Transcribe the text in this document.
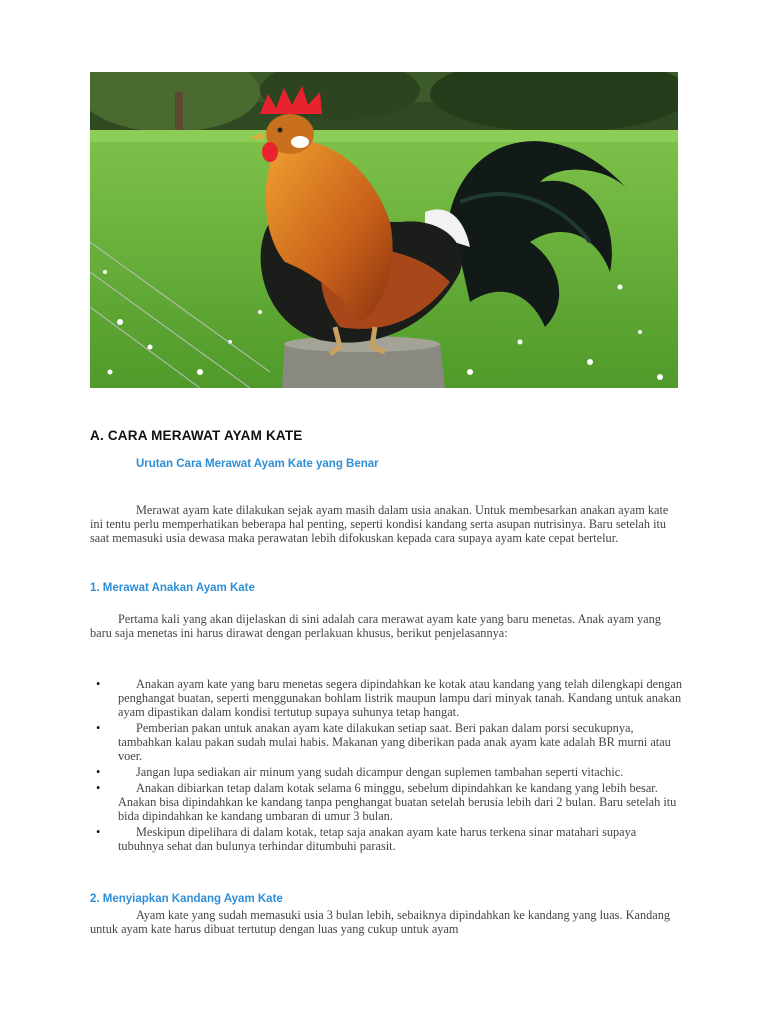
A. CARA MERAWAT AYAM KATE
Urutan Cara Merawat Ayam Kate yang Benar
Merawat ayam kate dilakukan sejak ayam masih dalam usia anakan. Untuk membesarkan anakan ayam kate ini tentu perlu memperhatikan beberapa hal penting, seperti kondisi kandang serta asupan nutrisinya. Baru setelah itu saat memasuki usia dewasa maka perawatan lebih difokuskan kepada cara supaya ayam kate cepat bertelur.
1. Merawat Anakan Ayam Kate
Pertama kali yang akan dijelaskan di sini adalah cara merawat ayam kate yang baru menetas. Anak ayam yang baru saja menetas ini harus dirawat dengan perlakuan khusus, berikut penjelasannya:
•	Anakan ayam kate yang baru menetas segera dipindahkan ke kotak atau kandang yang telah dilengkapi dengan penghangat buatan, seperti menggunakan bohlam listrik maupun lampu dari minyak tanah. Kandang untuk anakan ayam dipastikan dalam kondisi tertutup supaya suhunya tetap hangat.
•	Pemberian pakan untuk anakan ayam kate dilakukan setiap saat. Beri pakan dalam porsi secukupnya, tambahkan kalau pakan sudah mulai habis. Makanan yang diberikan pada anak ayam kate adalah BR murni atau voer.
•	Jangan lupa sediakan air minum yang sudah dicampur dengan suplemen tambahan seperti vitachic.
•	Anakan dibiarkan tetap dalam kotak selama 6 minggu, sebelum dipindahkan ke kandang yang lebih besar. Anakan bisa dipindahkan ke kandang tanpa penghangat buatan setelah berusia lebih dari 2 bulan. Baru setelah itu bida dipindahkan ke kandang umbaran di umur 3 bulan.
•	Meskipun dipelihara di dalam kotak, tetap saja anakan ayam kate harus terkena sinar matahari supaya tubuhnya sehat dan bulunya terhindar ditumbuhi parasit.
2. Menyiapkan Kandang Ayam Kate
Ayam kate yang sudah memasuki usia 3 bulan lebih, sebaiknya dipindahkan ke kandang yang luas. Kandang untuk ayam kate harus dibuat tertutup dengan luas yang cukup untuk ayam
